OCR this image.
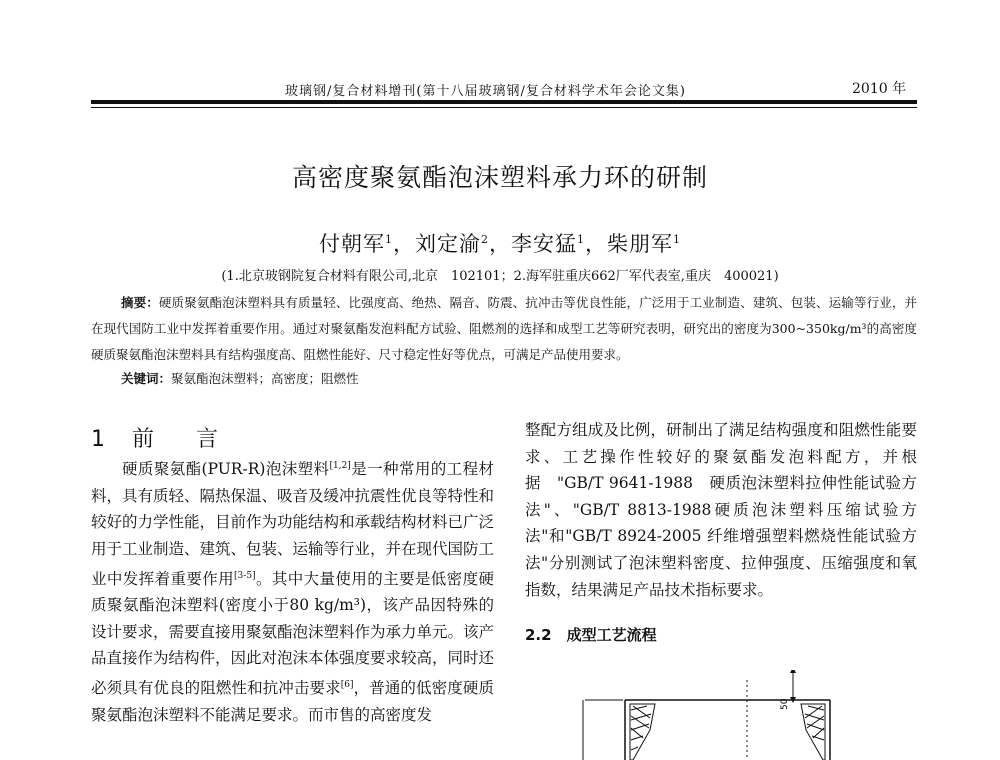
玻璃钢/复合材料增刊(第十八届玻璃钢/复合材料学术年会论文集)	2010 年
高密度聚氨酯泡沫塑料承力环的研制
付朝军$^1$，刘定渝$^2$，李安猛$^1$，柴朋军$^1$
(1.北京玻钢院复合材料有限公司,北京　102101；2.海军驻重庆662厂军代表室,重庆　400021)
摘要：硬质聚氨酯泡沫塑料具有质量轻、比强度高、绝热、隔音、防震、抗冲击等优良性能，广泛用于工业制造、建筑、包装、运输等行业，并在现代国防工业中发挥着重要作用。通过对聚氨酯发泡料配方试验、阻燃剂的选择和成型工艺等研究表明，研究出的密度为300~350kg/m³的高密度硬质聚氨酯泡沫塑料具有结构强度高、阻燃性能好、尺寸稳定性好等优点，可满足产品使用要求。
关键词：聚氨酯泡沫塑料；高密度；阻燃性
1 前　言
硬质聚氨酯(PUR-R)泡沫塑料[1,2]是一种常用的工程材料，具有质轻、隔热保温、吸音及缓冲抗震性优良等特性和较好的力学性能，目前作为功能结构和承载结构材料已广泛用于工业制造、建筑、包装、运输等行业，并在现代国防工业中发挥着重要作用[3-5]。其中大量使用的主要是低密度硬质聚氨酯泡沫塑料(密度小于80 kg/m³)，该产品因特殊的设计要求，需要直接用聚氨酯泡沫塑料作为承力单元。该产品直接作为结构件，因此对泡沫本体强度要求较高，同时还必须具有优良的阻燃性和抗冲击要求[6]，普通的低密度硬质聚氨酯泡沫塑料不能满足要求。而市售的高密度发
整配方组成及比例，研制出了满足结构强度和阻燃性能要求、工艺操作性较好的聚氨酯发泡料配方，并根据　"GB/T 9641-1988　硬质泡沫塑料拉伸性能试验方法"、"GB/T 8813-1988硬质泡沫塑料压缩试验方法"和"GB/T 8924-2005 纤维增强塑料燃烧性能试验方法"分别测试了泡沫塑料密度、拉伸强度、压缩强度和氧指数，结果满足产品技术指标要求。
2.2　成型工艺流程
50
